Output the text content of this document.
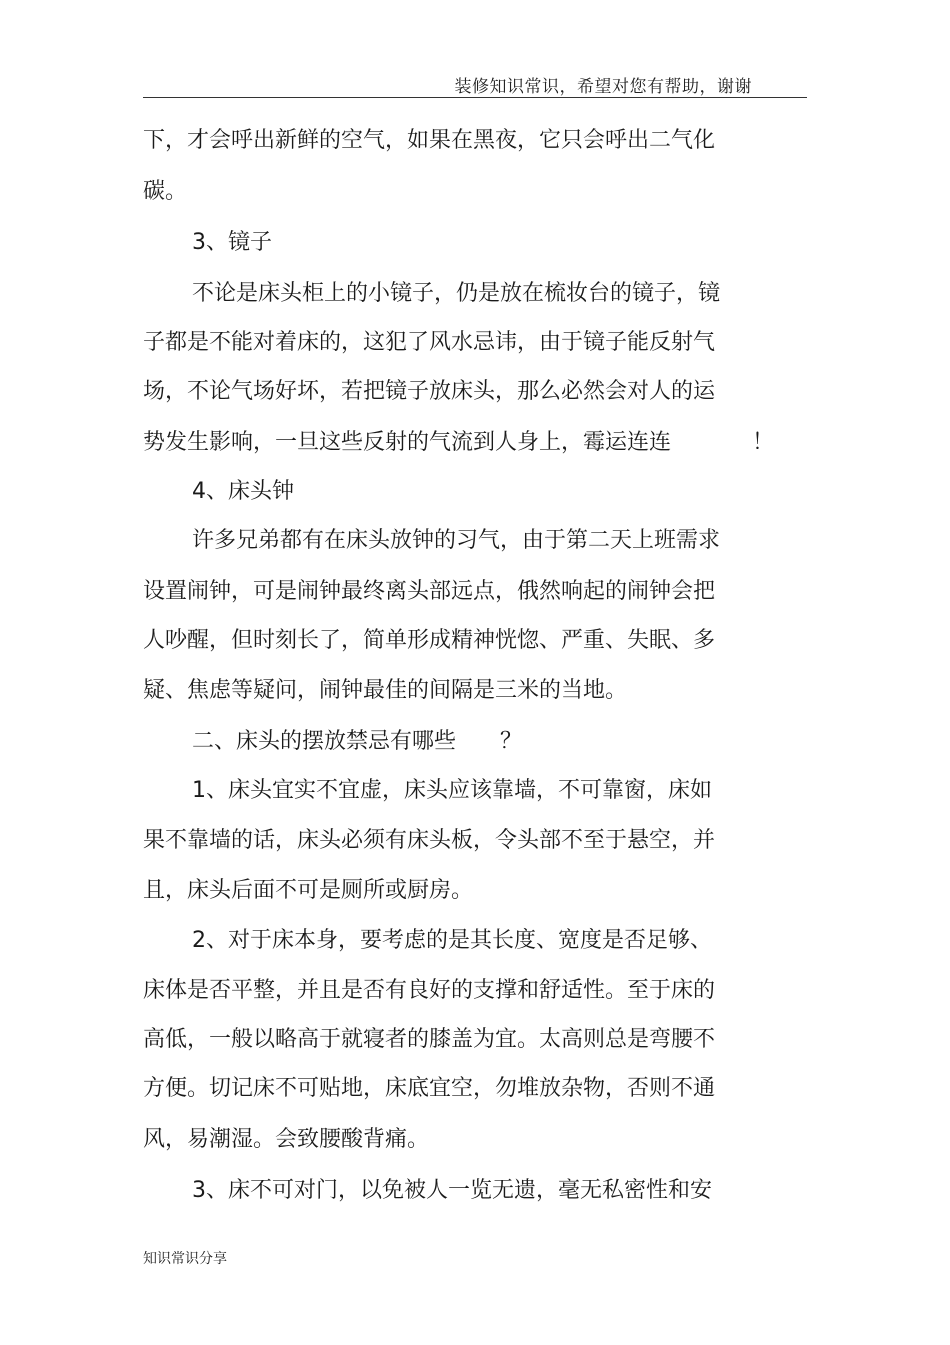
装修知识常识，希望对您有帮助，谢谢
下，才会呼出新鲜的空气，如果在黑夜，它只会呼出二气化
碳。
3、镜子
不论是床头柜上的小镜子，仍是放在梳妆台的镜子，镜
子都是不能对着床的，这犯了风水忌讳，由于镜子能反射气
场，不论气场好坏，若把镜子放床头，那么必然会对人的运
势发生影响，一旦这些反射的气流到人身上，霉运连连	！
4、床头钟
许多兄弟都有在床头放钟的习气，由于第二天上班需求
设置闹钟，可是闹钟最终离头部远点，俄然响起的闹钟会把
人吵醒，但时刻长了，简单形成精神恍惚、严重、失眠、多
疑、焦虑等疑问，闹钟最佳的间隔是三米的当地。
二、床头的摆放禁忌有哪些 ？
1、床头宜实不宜虚，床头应该靠墙，不可靠窗，床如
果不靠墙的话，床头必须有床头板，令头部不至于悬空，并
且，床头后面不可是厕所或厨房。
2、对于床本身，要考虑的是其长度、宽度是否足够、
床体是否平整，并且是否有良好的支撑和舒适性。至于床的
高低，一般以略高于就寝者的膝盖为宜。太高则总是弯腰不
方便。切记床不可贴地，床底宜空，勿堆放杂物，否则不通
风，易潮湿。会致腰酸背痛。
3、床不可对门，以免被人一览无遗，毫无私密性和安
知识常识分享
